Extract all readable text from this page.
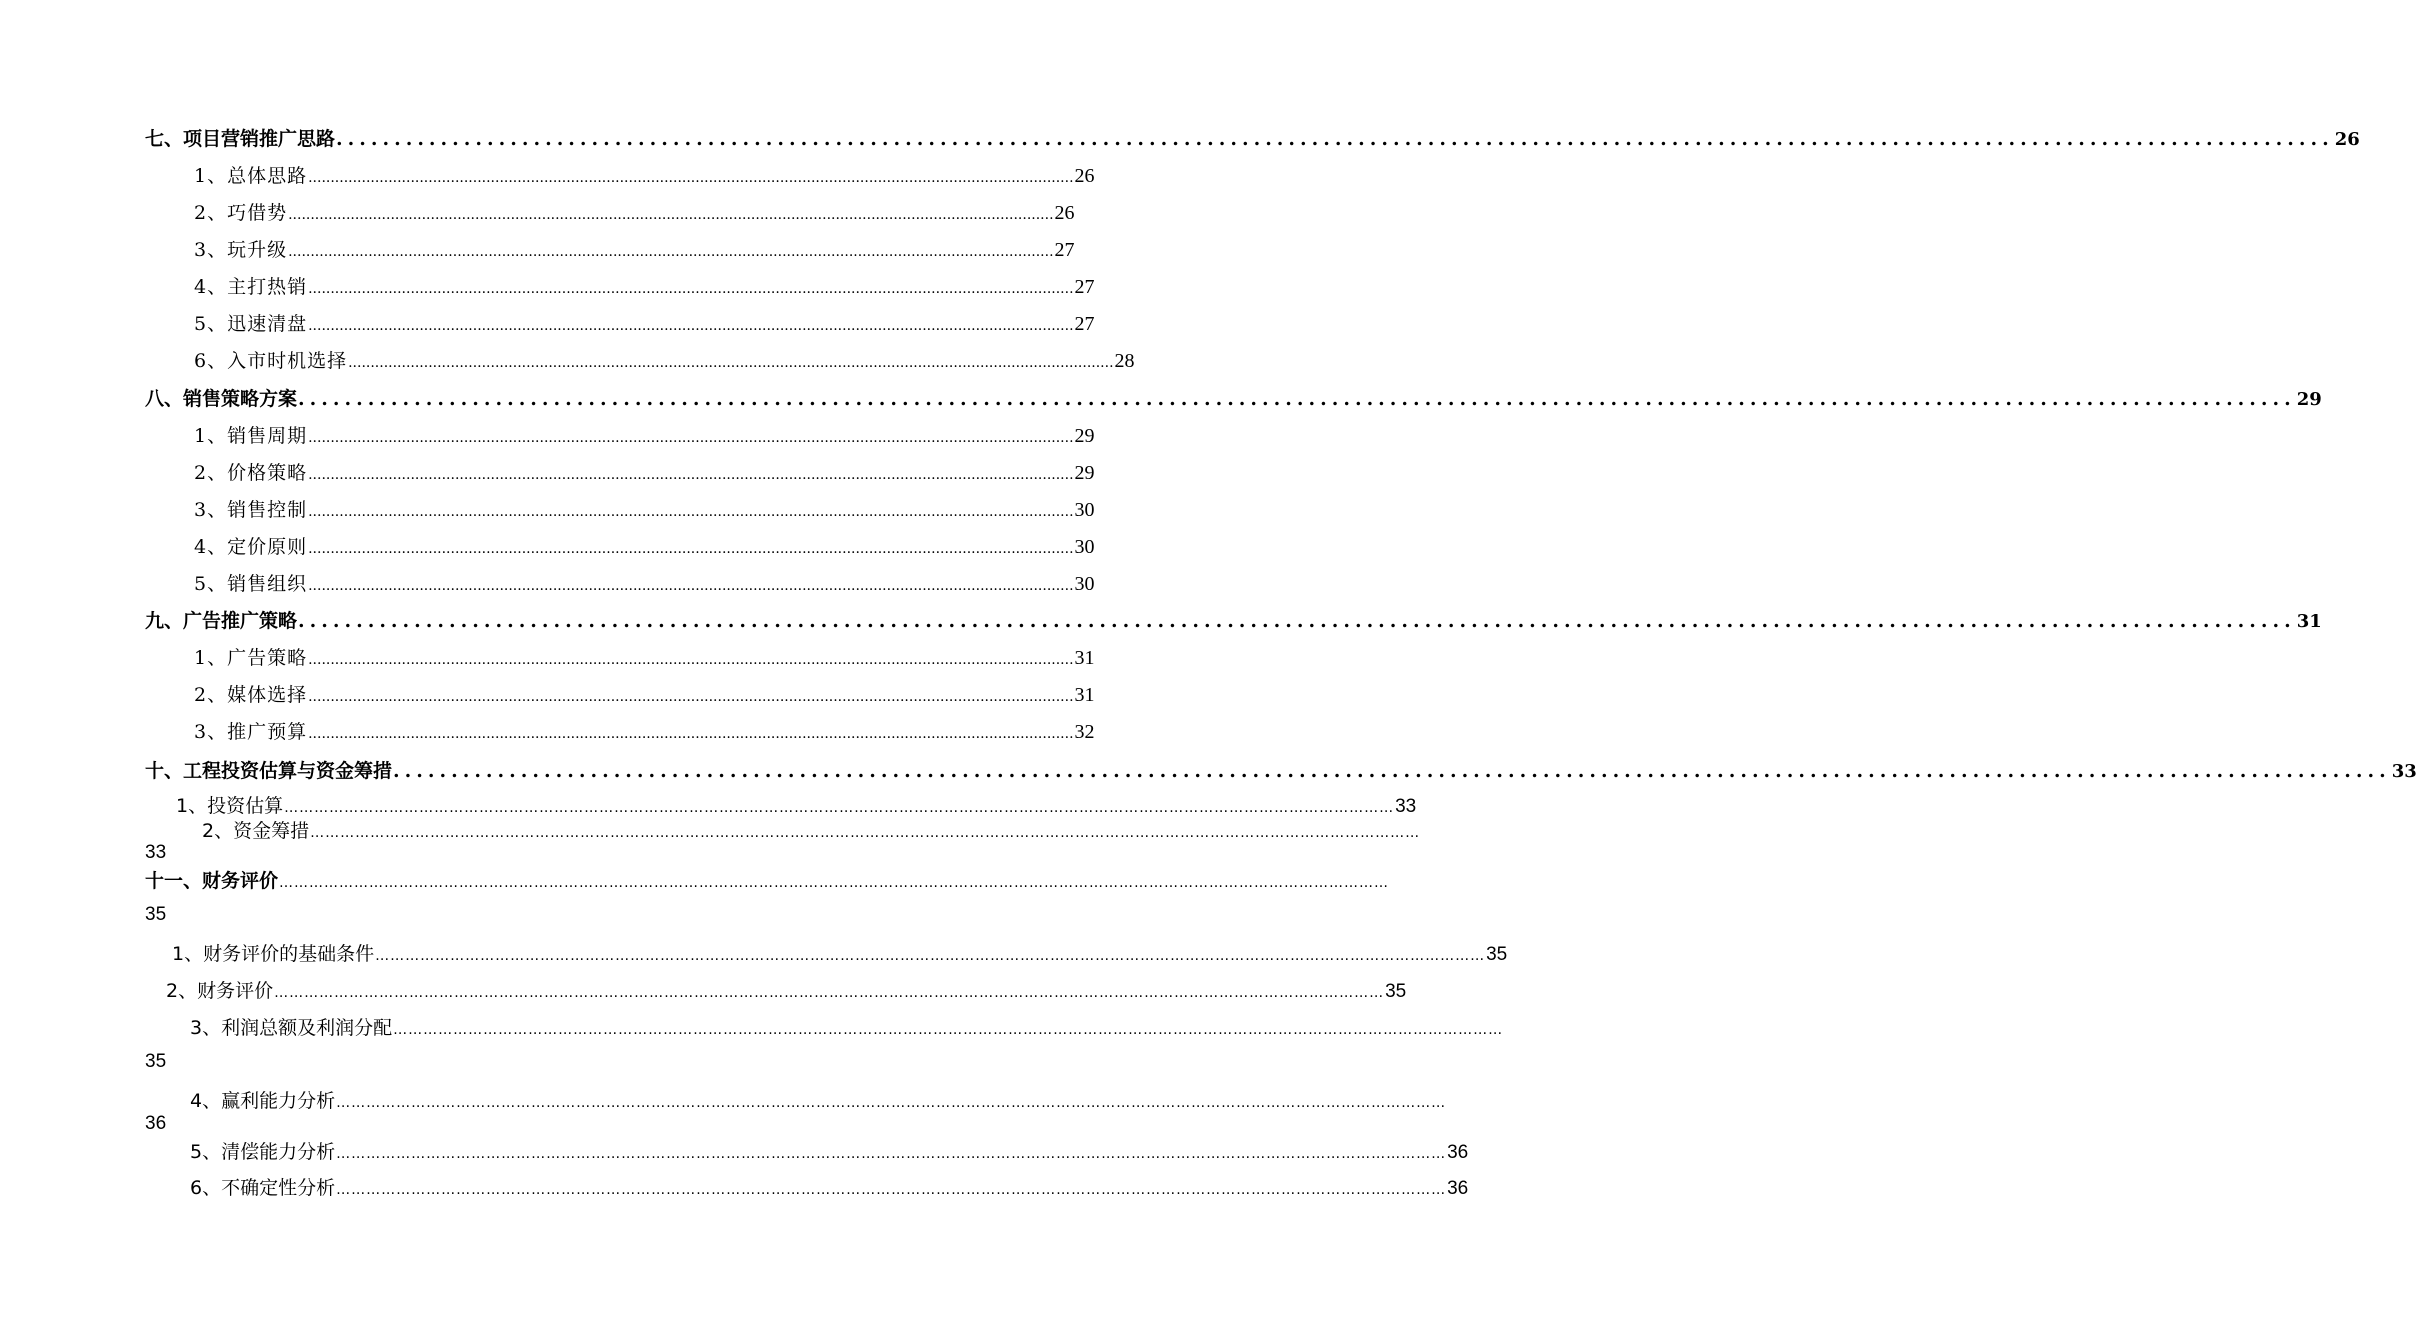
七、项目营销推广思路 ............................................................................................................................................................................ 26
1、总体思路 ............................................................................................................................................................................ 26
2、巧借势 ............................................................................................................................................................................ 26
3、玩升级 ............................................................................................................................................................................ 27
4、主打热销 ............................................................................................................................................................................ 27
5、迅速清盘 ............................................................................................................................................................................ 27
6、入市时机选择 ............................................................................................................................................................................ 28
八、销售策略方案 ............................................................................................................................................................................ 29
1、销售周期 ............................................................................................................................................................................ 29
2、价格策略 ............................................................................................................................................................................ 29
3、销售控制 ............................................................................................................................................................................ 30
4、定价原则 ............................................................................................................................................................................ 30
5、销售组织 ............................................................................................................................................................................ 30
九、广告推广策略 ............................................................................................................................................................................ 31
1、广告策略 ............................................................................................................................................................................ 31
2、媒体选择 ............................................................................................................................................................................ 31
3、推广预算 ............................................................................................................................................................................ 32
十、工程投资估算与资金筹措 ............................................................................................................................................................................ 33
1、投资估算 …………………………………………………………………………………………………………………………………………………………………………………………………… 33
2、资金筹措 ……………………………………………………………………………………………………………………………………………………………………………………………………
33
十一、财务评价 ……………………………………………………………………………………………………………………………………………………………………………………………………
35
1、财务评价的基础条件 …………………………………………………………………………………………………………………………………………………………………………………………………… 35
2、财务评价 …………………………………………………………………………………………………………………………………………………………………………………………………… 35
3、利润总额及利润分配 ……………………………………………………………………………………………………………………………………………………………………………………………………
35
4、赢利能力分析 ……………………………………………………………………………………………………………………………………………………………………………………………………
36
5、清偿能力分析 …………………………………………………………………………………………………………………………………………………………………………………………………… 36
6、不确定性分析 …………………………………………………………………………………………………………………………………………………………………………………………………… 36
